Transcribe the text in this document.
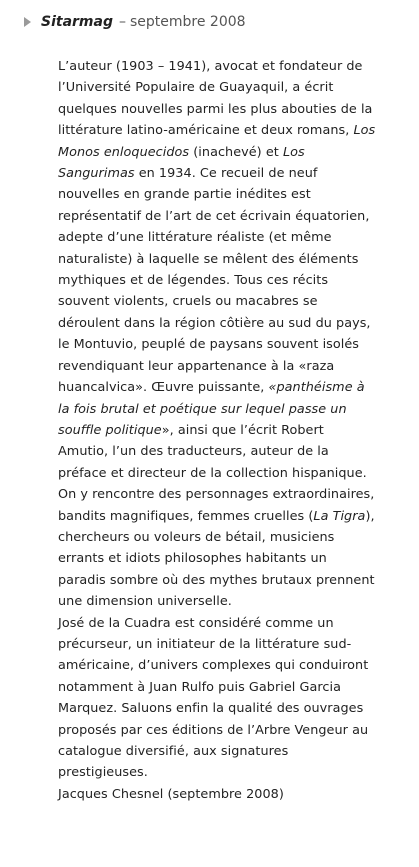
Sitarmag – septembre 2008

L’auteur (1903 – 1941), avocat et fondateur de l’Université Populaire de Guayaquil, a écrit quelques nouvelles parmi les plus abouties de la littérature latino-américaine et deux romans, Los Monos enloquecidos (inachevé) et Los Sangurimas en 1934. Ce recueil de neuf nouvelles en grande partie inédites est représentatif de l’art de cet écrivain équatorien, adepte d’une littérature réaliste (et même naturaliste) à laquelle se mêlent des éléments mythiques et de légendes. Tous ces récits souvent violents, cruels ou macabres se déroulent dans la région côtière au sud du pays, le Montuvio, peuplé de paysans souvent isolés revendiquant leur appartenance à la «raza huancalvica». Œuvre puissante, «panthéisme à la fois brutal et poétique sur lequel passe un souffle politique», ainsi que l’écrit Robert Amutio, l’un des traducteurs, auteur de la préface et directeur de la collection hispanique. On y rencontre des personnages extraordinaires, bandits magnifiques, femmes cruelles (La Tigra), chercheurs ou voleurs de bétail, musiciens errants et idiots philosophes habitants un paradis sombre où des mythes brutaux prennent une dimension universelle.

José de la Cuadra est considéré comme un précurseur, un initiateur de la littérature sud-américaine, d’univers complexes qui conduiront notamment à Juan Rulfo puis Gabriel Garcia Marquez. Saluons enfin la qualité des ouvrages proposés par ces éditions de l’Arbre Vengeur au catalogue diversifié, aux signatures prestigieuses.

Jacques Chesnel (septembre 2008)
